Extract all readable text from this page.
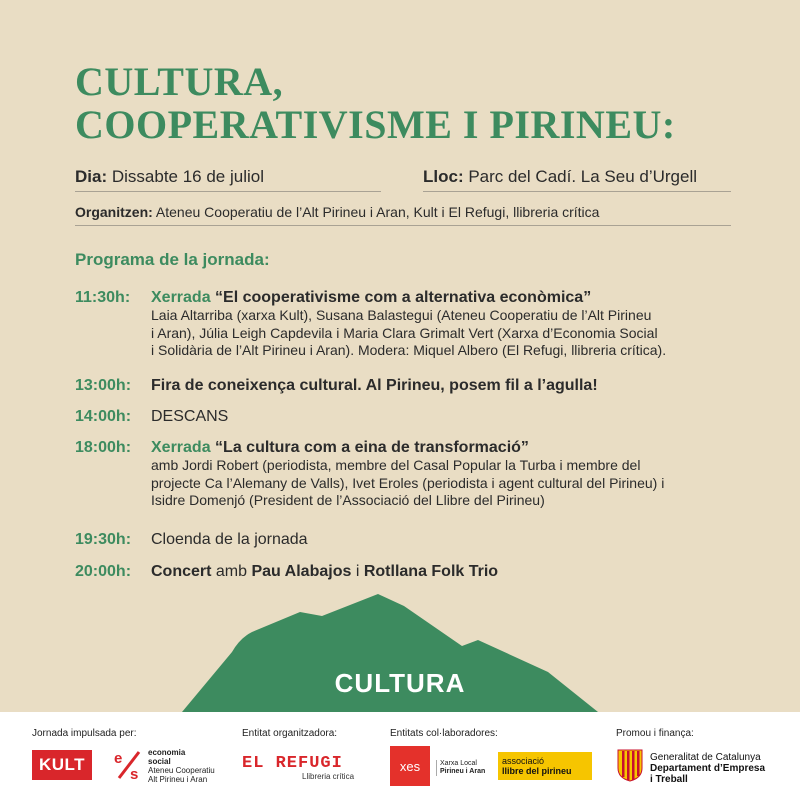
CULTURA,
COOPERATIVISME I PIRINEU:
Dia: Dissabte 16 de juliol	Lloc: Parc del Cadí. La Seu d’Urgell
Organitzen: Ateneu Cooperatiu de l’Alt Pirineu i Aran, Kult i El Refugi, llibreria crítica
Programa de la jornada:
11:30h: Xerrada “El cooperativisme com a alternativa econòmica”
Laia Altarriba (xarxa Kult), Susana Balastegui (Ateneu Cooperatiu de l’Alt Pirineu
i Aran), Júlia Leigh Capdevila i Maria Clara Grimalt Vert (Xarxa d’Economia Social
i Solidària de l’Alt Pirineu i Aran). Modera: Miquel Albero (El Refugi, llibreria crítica).
13:00h: Fira de coneixença cultural. Al Pirineu, posem fil a l’agulla!
14:00h: DESCANS
18:00h: Xerrada “La cultura com a eina de transformació”
amb Jordi Robert (periodista, membre del Casal Popular la Turba i membre del
projecte Ca l’Alemany de Valls), Ivet Eroles (periodista i agent cultural del Pirineu) i
Isidre Domenjó (President de l’Associació del Llibre del Pirineu)
19:30h: Cloenda de la jornada
20:00h: Concert amb Pau Alabajos i Rotllana Folk Trio
CULTURA
Jornada impulsada per:	Entitat organitzadora:	Entitats col·laboradores:	Promou i finança:
KULT	e
s
economia
social
Ateneu Cooperatiu
Alt Pirineu i Aran
EL REFUGI
Llibreria crítica
xes	Xarxa Local
Pirineu i Aran
associació
llibre del pirineu
Generalitat de Catalunya
Departament d’Empresa
i Treball
